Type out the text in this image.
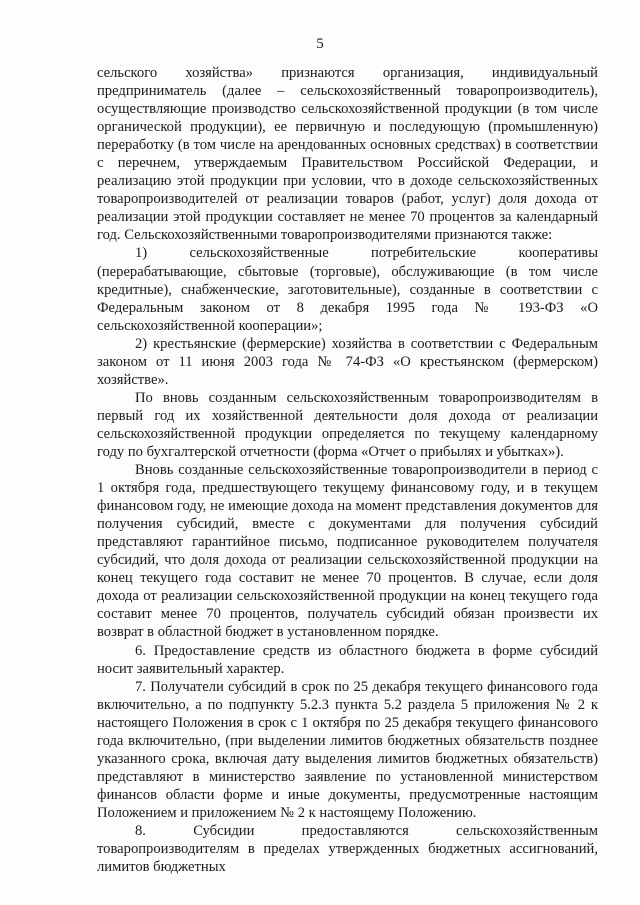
5

сельского хозяйства» признаются организация, индивидуальный предприниматель (далее – сельскохозяйственный товаропроизводитель), осуществляющие производство сельскохозяйственной продукции (в том числе органической продукции), ее первичную и последующую (промышленную) переработку (в том числе на арендованных основных средствах) в соответствии с перечнем, утверждаемым Правительством Российской Федерации, и реализацию этой продукции при условии, что в доходе сельскохозяйственных товаропроизводителей от реализации товаров (работ, услуг) доля дохода от реализации этой продукции составляет не менее 70 процентов за календарный год. Сельскохозяйственными товаропроизводителями признаются также:

1) сельскохозяйственные потребительские кооперативы (перерабатывающие, сбытовые (торговые), обслуживающие (в том числе кредитные), снабженческие, заготовительные), созданные в соответствии с Федеральным законом от 8 декабря 1995 года № 193-ФЗ «О сельскохозяйственной кооперации»;

2) крестьянские (фермерские) хозяйства в соответствии с Федеральным законом от 11 июня 2003 года № 74-ФЗ «О крестьянском (фермерском) хозяйстве».

По вновь созданным сельскохозяйственным товаропроизводителям в первый год их хозяйственной деятельности доля дохода от реализации сельскохозяйственной продукции определяется по текущему календарному году по бухгалтерской отчетности (форма «Отчет о прибылях и убытках»).

Вновь созданные сельскохозяйственные товаропроизводители в период с 1 октября года, предшествующего текущему финансовому году, и в текущем финансовом году, не имеющие дохода на момент представления документов для получения субсидий, вместе с документами для получения субсидий представляют гарантийное письмо, подписанное руководителем получателя субсидий, что доля дохода от реализации сельскохозяйственной продукции на конец текущего года составит не менее 70 процентов. В случае, если доля дохода от реализации сельскохозяйственной продукции на конец текущего года составит менее 70 процентов, получатель субсидий обязан произвести их возврат в областной бюджет в установленном порядке.

6. Предоставление средств из областного бюджета в форме субсидий носит заявительный характер.

7. Получатели субсидий в срок по 25 декабря текущего финансового года включительно, а по подпункту 5.2.3 пункта 5.2 раздела 5 приложения № 2 к настоящего Положения в срок с 1 октября по 25 декабря текущего финансового года включительно, (при выделении лимитов бюджетных обязательств позднее указанного срока, включая дату выделения лимитов бюджетных обязательств) представляют в министерство заявление по установленной министерством финансов области форме и иные документы, предусмотренные настоящим Положением и приложением № 2 к настоящему Положению.

8. Субсидии предоставляются сельскохозяйственным товаропроизводителям в пределах утвержденных бюджетных ассигнований, лимитов бюджетных
